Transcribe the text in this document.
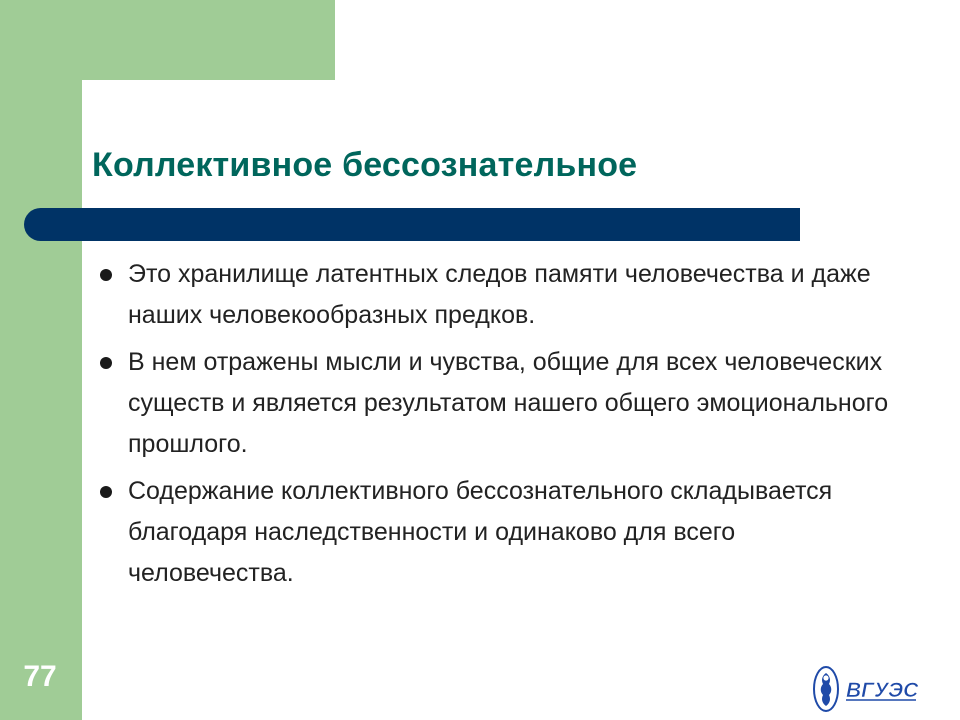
Коллективное бессознательное
Это хранилище латентных следов памяти человечества и даже наших человекообразных предков.
В нем отражены мысли и чувства, общие для всех человеческих существ и является результатом нашего общего эмоционального прошлого.
Содержание коллективного бессознательного складывается благодаря наследственности и одинаково для всего человечества.
77	ВГУЭС
